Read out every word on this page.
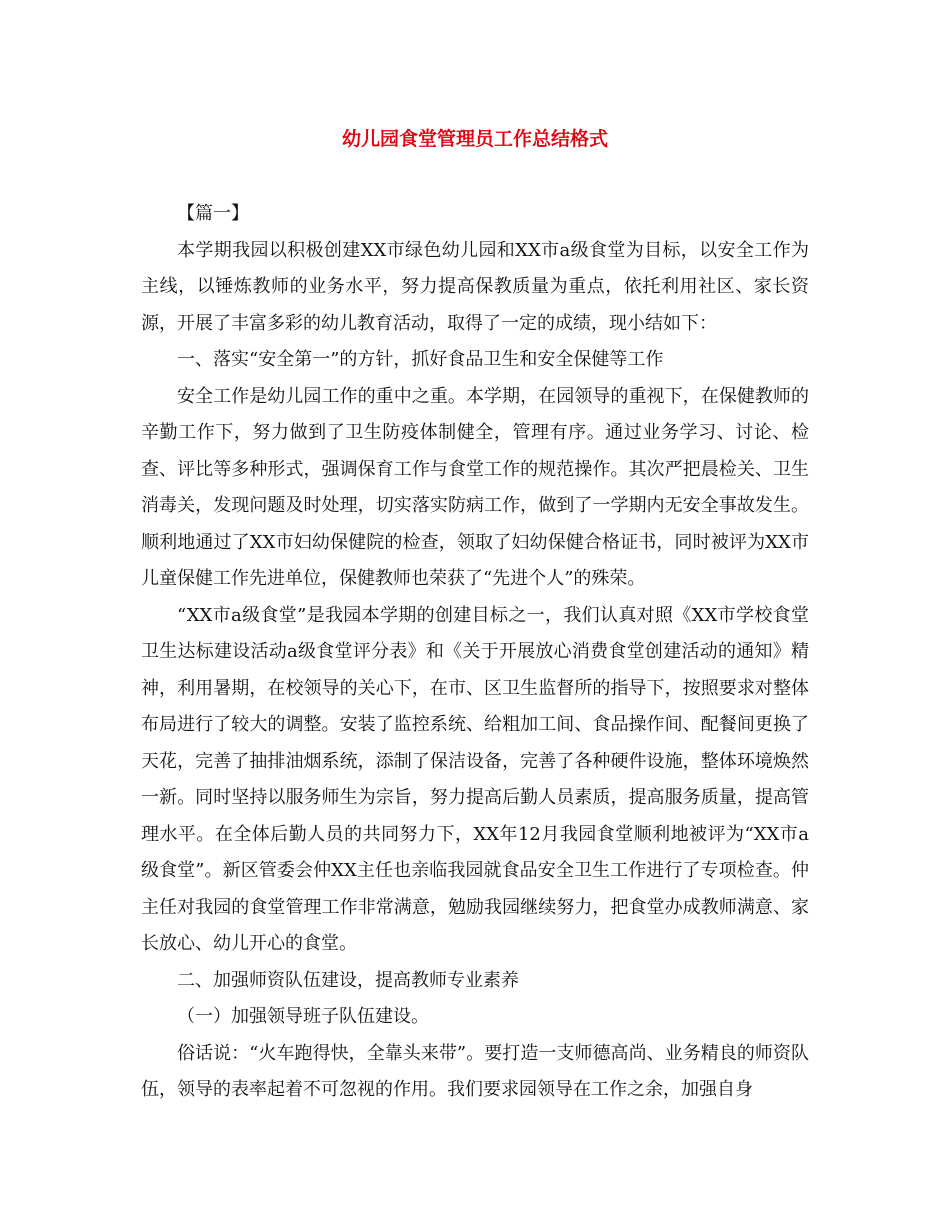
幼儿园食堂管理员工作总结格式

【篇一】

本学期我园以积极创建XX市绿色幼儿园和XX市a级食堂为目标，以安全工作为主线，以锤炼教师的业务水平，努力提高保教质量为重点，依托利用社区、家长资源，开展了丰富多彩的幼儿教育活动，取得了一定的成绩，现小结如下：

一、落实“安全第一”的方针，抓好食品卫生和安全保健等工作

安全工作是幼儿园工作的重中之重。本学期，在园领导的重视下，在保健教师的辛勤工作下，努力做到了卫生防疫体制健全，管理有序。通过业务学习、讨论、检查、评比等多种形式，强调保育工作与食堂工作的规范操作。其次严把晨检关、卫生消毒关，发现问题及时处理，切实落实防病工作，做到了一学期内无安全事故发生。顺利地通过了XX市妇幼保健院的检查，领取了妇幼保健合格证书，同时被评为XX市儿童保健工作先进单位，保健教师也荣获了“先进个人”的殊荣。

“XX市a级食堂”是我园本学期的创建目标之一，我们认真对照《XX市学校食堂卫生达标建设活动a级食堂评分表》和《关于开展放心消费食堂创建活动的通知》精神，利用暑期，在校领导的关心下，在市、区卫生监督所的指导下，按照要求对整体布局进行了较大的调整。安装了监控系统、给粗加工间、食品操作间、配餐间更换了天花，完善了抽排油烟系统，添制了保洁设备，完善了各种硬件设施，整体环境焕然一新。同时坚持以服务师生为宗旨，努力提高后勤人员素质，提高服务质量，提高管理水平。在全体后勤人员的共同努力下，XX年12月我园食堂顺利地被评为“XX市a级食堂”。新区管委会仲XX主任也亲临我园就食品安全卫生工作进行了专项检查。仲主任对我园的食堂管理工作非常满意，勉励我园继续努力，把食堂办成教师满意、家长放心、幼儿开心的食堂。

二、加强师资队伍建设，提高教师专业素养

（一）加强领导班子队伍建设。

俗话说：“火车跑得快，全靠头来带”。要打造一支师德高尚、业务精良的师资队伍，领导的表率起着不可忽视的作用。我们要求园领导在工作之余，加强自身
